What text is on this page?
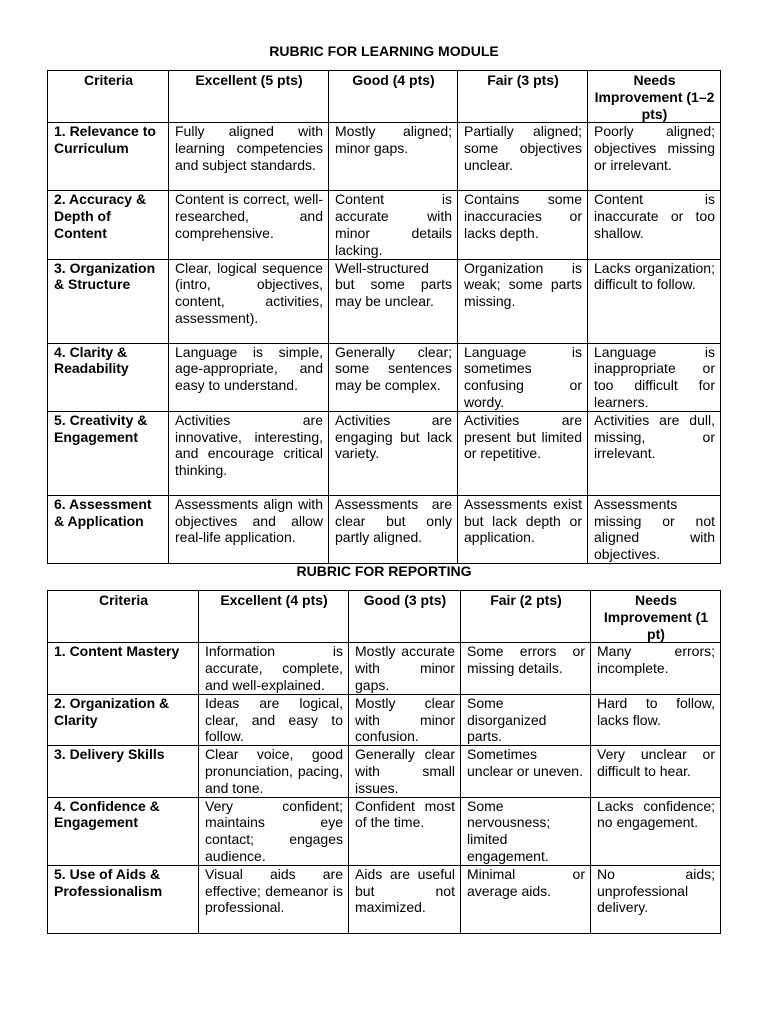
RUBRIC FOR LEARNING MODULE
Criteria	Excellent (5 pts)	Good (4 pts)	Fair (3 pts)	Needs Improvement (1–2 pts)
1. Relevance to Curriculum	Fully aligned with learning competencies and subject standards.	Mostly aligned; minor gaps.	Partially aligned; some objectives unclear.	Poorly aligned; objectives missing or irrelevant.
2. Accuracy & Depth of Content	Content is correct, well-researched, and comprehensive.	Content is accurate with minor details lacking.	Contains some inaccuracies or lacks depth.	Content is inaccurate or too shallow.
3. Organization & Structure	Clear, logical sequence (intro, objectives, content, activities, assessment).	Well-structured but some parts may be unclear.	Organization is weak; some parts missing.	Lacks organization; difficult to follow.
4. Clarity & Readability	Language is simple, age-appropriate, and easy to understand.	Generally clear; some sentences may be complex.	Language is sometimes confusing or wordy.	Language is inappropriate or too difficult for learners.
5. Creativity & Engagement	Activities are innovative, interesting, and encourage critical thinking.	Activities are engaging but lack variety.	Activities are present but limited or repetitive.	Activities are dull, missing, or irrelevant.
6. Assessment & Application	Assessments align with objectives and allow real-life application.	Assessments are clear but only partly aligned.	Assessments exist but lack depth or application.	Assessments missing or not aligned with objectives.
RUBRIC FOR REPORTING
Criteria	Excellent (4 pts)	Good (3 pts)	Fair (2 pts)	Needs Improvement (1 pt)
1. Content Mastery	Information is accurate, complete, and well-explained.	Mostly accurate with minor gaps.	Some errors or missing details.	Many errors; incomplete.
2. Organization & Clarity	Ideas are logical, clear, and easy to follow.	Mostly clear with minor confusion.	Some disorganized parts.	Hard to follow, lacks flow.
3. Delivery Skills	Clear voice, good pronunciation, pacing, and tone.	Generally clear with small issues.	Sometimes unclear or uneven.	Very unclear or difficult to hear.
4. Confidence & Engagement	Very confident; maintains eye contact; engages audience.	Confident most of the time.	Some nervousness; limited engagement.	Lacks confidence; no engagement.
5. Use of Aids & Professionalism	Visual aids are effective; demeanor is professional.	Aids are useful but not maximized.	Minimal or average aids.	No aids; unprofessional delivery.
